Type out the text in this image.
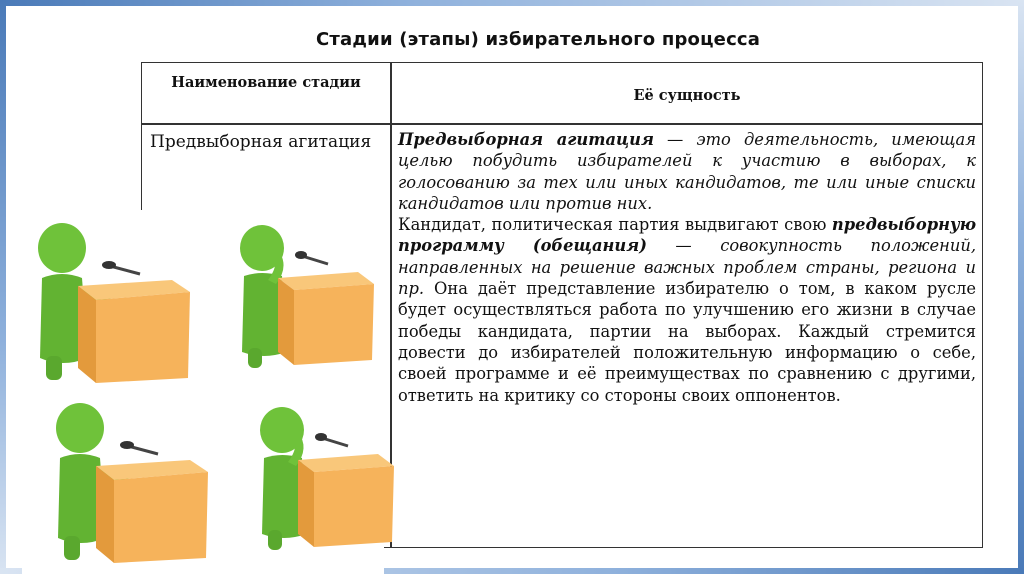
Стадии (этапы) избирательного процесса
Наименование стадии
Её сущность
Предвыборная агитация	Предвыборная агитация — это деятельность, имеющая целью побудить избирателей к участию в выборах, к голосованию за тех или иных кандидатов, те или иные списки кандидатов или против них.
Кандидат, политическая партия выдвигают свою предвыборную программу (обещания) — совокупность положений, направленных на решение важных проблем страны, региона и пр. Она даёт представление избирателю о том, в каком русле будет осуществляться работа по улучшению его жизни в случае победы кандидата, партии на выборах. Каждый стремится довести до избирателей положительную информацию о себе, своей программе и её преимуществах по сравнению с другими, ответить на критику со стороны своих оппонентов.
